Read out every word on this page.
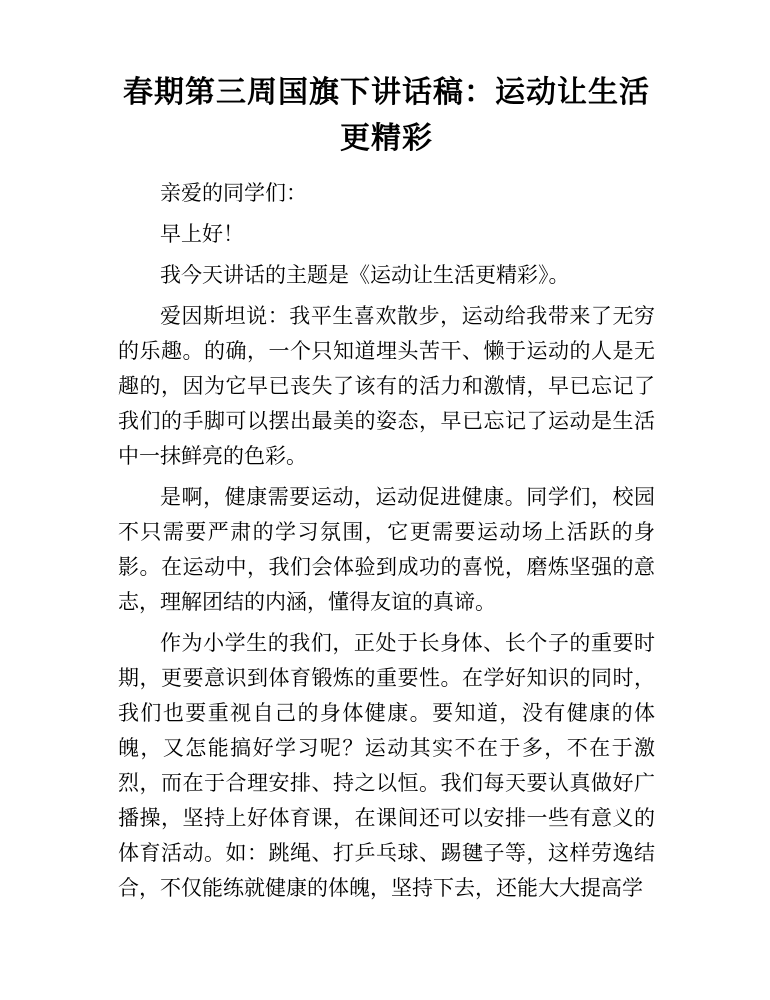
春期第三周国旗下讲话稿：运动让生活更精彩

亲爱的同学们：

早上好！

我今天讲话的主题是《运动让生活更精彩》。

爱因斯坦说：我平生喜欢散步，运动给我带来了无穷的乐趣。的确，一个只知道埋头苦干、懒于运动的人是无趣的，因为它早已丧失了该有的活力和激情，早已忘记了我们的手脚可以摆出最美的姿态，早已忘记了运动是生活中一抹鲜亮的色彩。

是啊，健康需要运动，运动促进健康。同学们，校园不只需要严肃的学习氛围，它更需要运动场上活跃的身影。在运动中，我们会体验到成功的喜悦，磨炼坚强的意志，理解团结的内涵，懂得友谊的真谛。

作为小学生的我们，正处于长身体、长个子的重要时期，更要意识到体育锻炼的重要性。在学好知识的同时，我们也要重视自己的身体健康。要知道，没有健康的体魄，又怎能搞好学习呢？运动其实不在于多，不在于激烈，而在于合理安排、持之以恒。我们每天要认真做好广播操，坚持上好体育课，在课间还可以安排一些有意义的体育活动。如：跳绳、打乒乓球、踢毽子等，这样劳逸结合，不仅能练就健康的体魄，坚持下去，还能大大提高学
